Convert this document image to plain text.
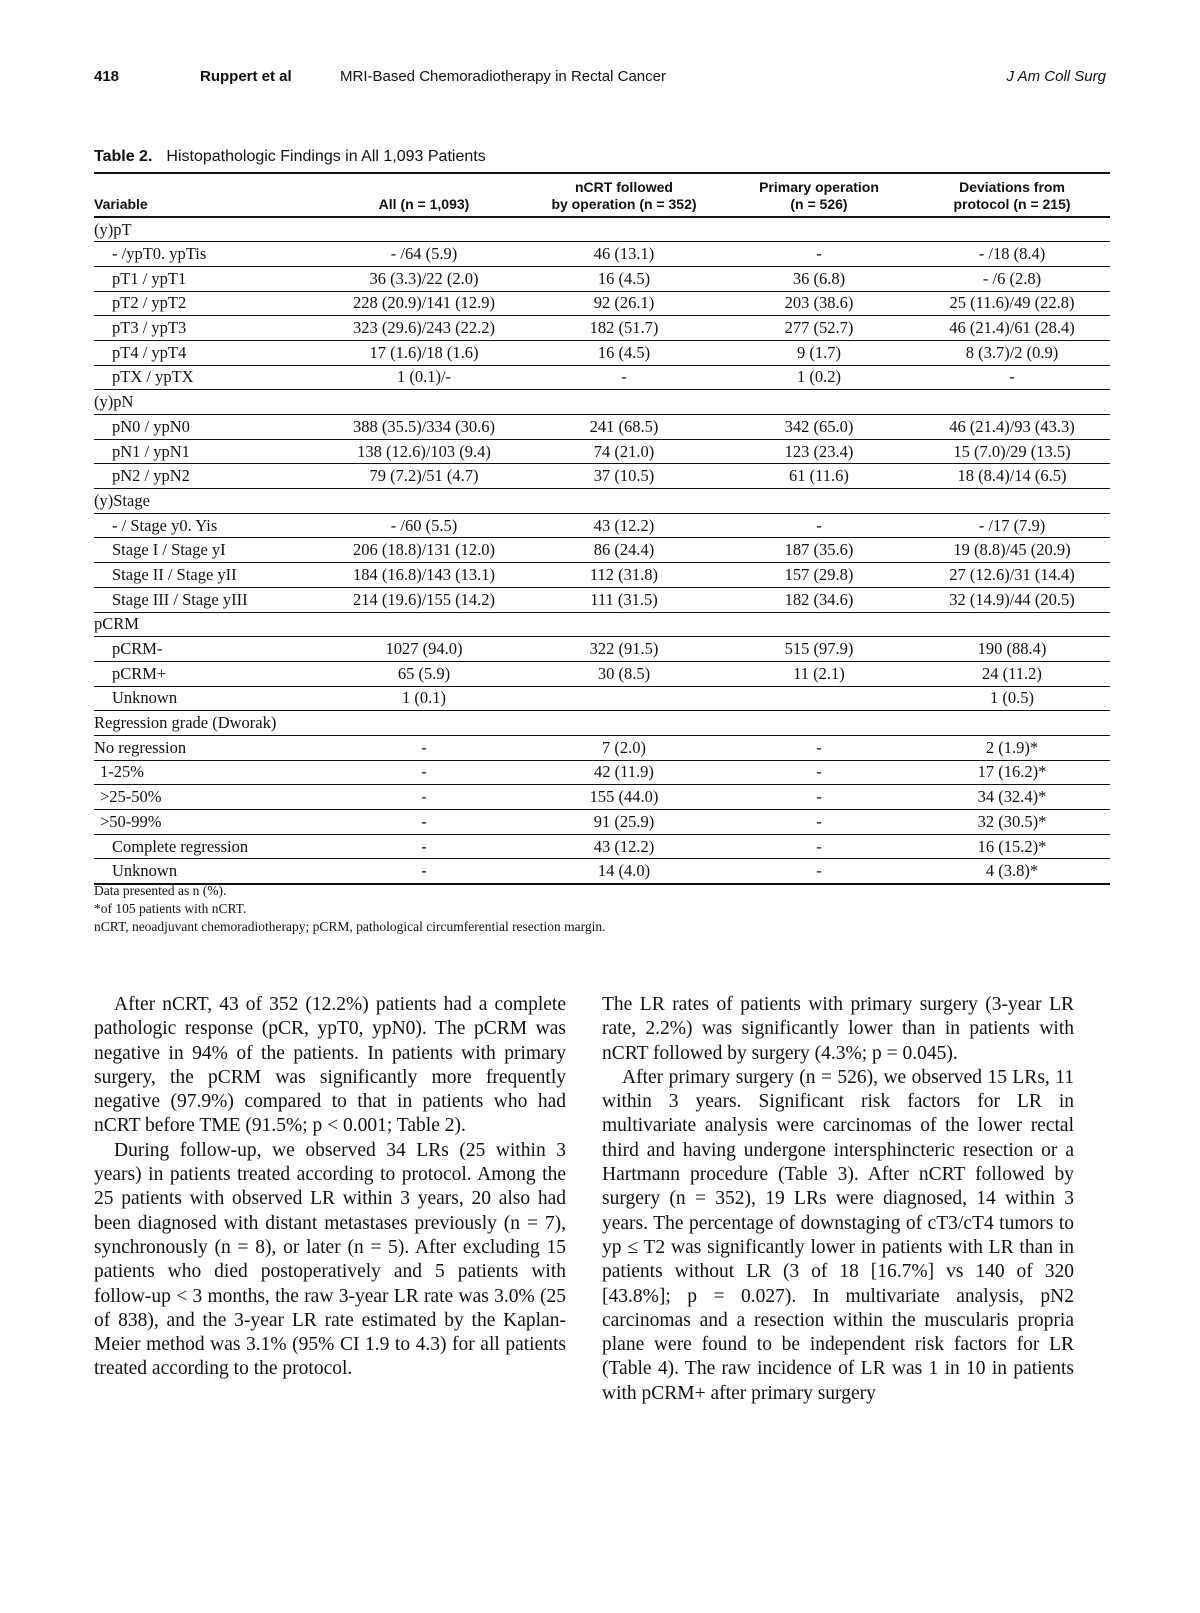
418	Ruppert et al	MRI-Based Chemoradiotherapy in Rectal Cancer	J Am Coll Surg
Table 2. Histopathologic Findings in All 1,093 Patients
Variable	All (n = 1,093)	nCRT followed
by operation (n = 352)	Primary operation
(n = 526)	Deviations from
protocol (n = 215)
(y)pT				
- /ypT0. ypTis	- /64 (5.9)	46 (13.1)	-	- /18 (8.4)
pT1 / ypT1	36 (3.3)/22 (2.0)	16 (4.5)	36 (6.8)	- /6 (2.8)
pT2 / ypT2	228 (20.9)/141 (12.9)	92 (26.1)	203 (38.6)	25 (11.6)/49 (22.8)
pT3 / ypT3	323 (29.6)/243 (22.2)	182 (51.7)	277 (52.7)	46 (21.4)/61 (28.4)
pT4 / ypT4	17 (1.6)/18 (1.6)	16 (4.5)	9 (1.7)	8 (3.7)/2 (0.9)
pTX / ypTX	1 (0.1)/-	-	1 (0.2)	-
(y)pN				
pN0 / ypN0	388 (35.5)/334 (30.6)	241 (68.5)	342 (65.0)	46 (21.4)/93 (43.3)
pN1 / ypN1	138 (12.6)/103 (9.4)	74 (21.0)	123 (23.4)	15 (7.0)/29 (13.5)
pN2 / ypN2	79 (7.2)/51 (4.7)	37 (10.5)	61 (11.6)	18 (8.4)/14 (6.5)
(y)Stage				
- / Stage y0. Yis	- /60 (5.5)	43 (12.2)	-	- /17 (7.9)
Stage I / Stage yI	206 (18.8)/131 (12.0)	86 (24.4)	187 (35.6)	19 (8.8)/45 (20.9)
Stage II / Stage yII	184 (16.8)/143 (13.1)	112 (31.8)	157 (29.8)	27 (12.6)/31 (14.4)
Stage III / Stage yIII	214 (19.6)/155 (14.2)	111 (31.5)	182 (34.6)	32 (14.9)/44 (20.5)
pCRM				
pCRM-	1027 (94.0)	322 (91.5)	515 (97.9)	190 (88.4)
pCRM+	65 (5.9)	30 (8.5)	11 (2.1)	24 (11.2)
Unknown	1 (0.1)			1 (0.5)
Regression grade (Dworak)				
No regression	-	7 (2.0)	-	2 (1.9)*
1-25%	-	42 (11.9)	-	17 (16.2)*
>25-50%	-	155 (44.0)	-	34 (32.4)*
>50-99%	-	91 (25.9)	-	32 (30.5)*
Complete regression	-	43 (12.2)	-	16 (15.2)*
Unknown	-	14 (4.0)	-	4 (3.8)*
Data presented as n (%).
*of 105 patients with nCRT.
nCRT, neoadjuvant chemoradiotherapy; pCRM, pathological circumferential resection margin.

After nCRT, 43 of 352 (12.2%) patients had a complete pathologic response (pCR, ypT0, ypN0). The pCRM was negative in 94% of the patients. In patients with primary surgery, the pCRM was significantly more frequently negative (97.9%) compared to that in patients who had nCRT before TME (91.5%; p < 0.001; Table 2).

During follow-up, we observed 34 LRs (25 within 3 years) in patients treated according to protocol. Among the 25 patients with observed LR within 3 years, 20 also had been diagnosed with distant metastases previously (n = 7), synchronously (n = 8), or later (n = 5). After excluding 15 patients who died postoperatively and 5 patients with follow-up < 3 months, the raw 3-year LR rate was 3.0% (25 of 838), and the 3-year LR rate estimated by the Kaplan-Meier method was 3.1% (95% CI 1.9 to 4.3) for all patients treated according to the protocol.

The LR rates of patients with primary surgery (3-year LR rate, 2.2%) was significantly lower than in patients with nCRT followed by surgery (4.3%; p = 0.045).

After primary surgery (n = 526), we observed 15 LRs, 11 within 3 years. Significant risk factors for LR in multivariate analysis were carcinomas of the lower rectal third and having undergone intersphincteric resection or a Hartmann procedure (Table 3). After nCRT followed by surgery (n = 352), 19 LRs were diagnosed, 14 within 3 years. The percentage of downstaging of cT3/cT4 tumors to yp ≤ T2 was significantly lower in patients with LR than in patients without LR (3 of 18 [16.7%] vs 140 of 320 [43.8%]; p = 0.027). In multivariate analysis, pN2 carcinomas and a resection within the muscularis propria plane were found to be independent risk factors for LR (Table 4). The raw incidence of LR was 1 in 10 in patients with pCRM+ after primary surgery
